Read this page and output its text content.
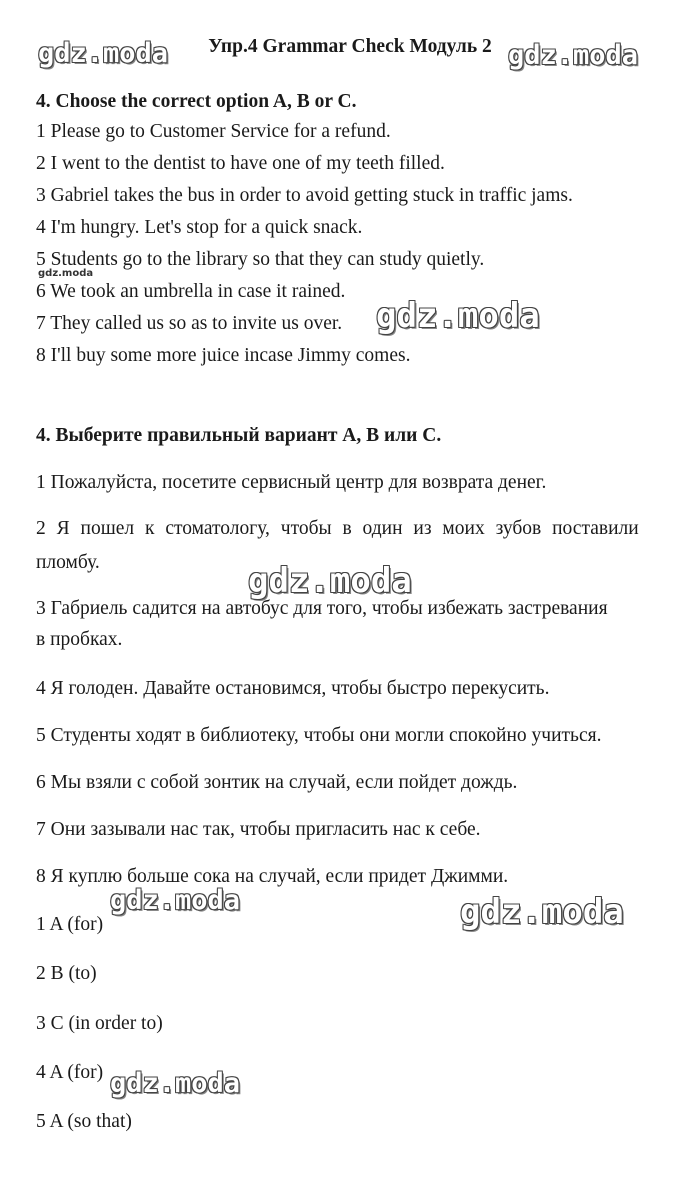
gdz.moda	gdz.moda
gdz.moda
gdz.moda
gdz.moda
gdz.moda	gdz.moda
gdz.moda
Упр.4 Grammar Check Модуль 2
4. Choose the correct option A, B or C.
1 Please go to Customer Service for a refund.
2 I went to the dentist to have one of my teeth filled.
3 Gabriel takes the bus in order to avoid getting stuck in traffic jams.
4 I'm hungry. Let's stop for a quick snack.
5 Students go to the library so that they can study quietly.
6 We took an umbrella in case it rained.
7 They called us so as to invite us over.
8 I'll buy some more juice incase Jimmy comes.
4. Выберите правильный вариант A, B или C.
1 Пожалуйста, посетите сервисный центр для возврата денег.
2 Я пошел к стоматологу, чтобы в один из моих зубов поставили
пломбу.
3 Габриель садится на автобус для того, чтобы избежать застревания
в пробках.
4 Я голоден. Давайте остановимся, чтобы быстро перекусить.
5 Студенты ходят в библиотеку, чтобы они могли спокойно учиться.
6 Мы взяли с собой зонтик на случай, если пойдет дождь.
7 Они зазывали нас так, чтобы пригласить нас к себе.
8 Я куплю больше сока на случай, если придет Джимми.
1 A (for)
2 B (to)
3 C (in order to)
4 A (for)
5 A (so that)
